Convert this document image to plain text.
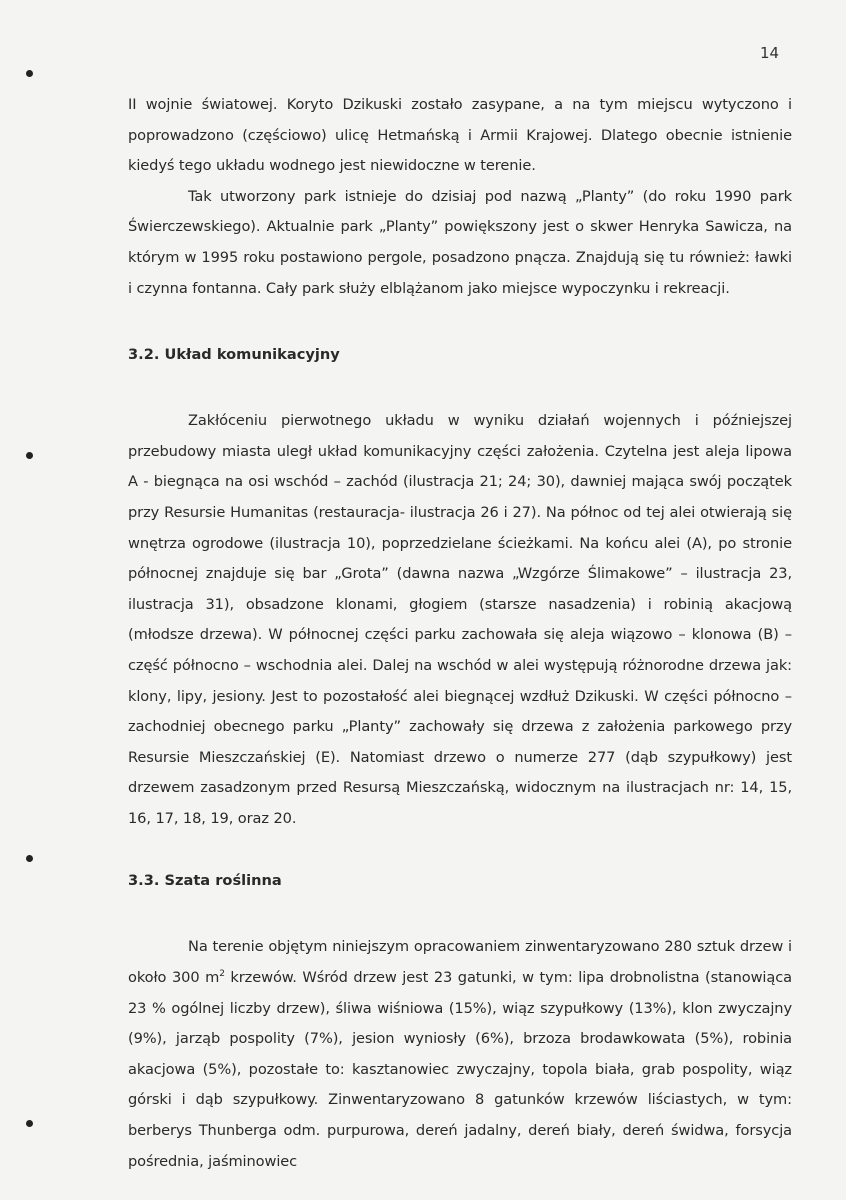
14

II wojnie światowej. Koryto Dzikuski zostało zasypane, a na tym miejscu wytyczono i poprowadzono (częściowo) ulicę Hetmańską i Armii Krajowej. Dlatego obecnie istnienie kiedyś tego układu wodnego jest niewidoczne w terenie.

Tak utworzony park istnieje do dzisiaj pod nazwą „Planty” (do roku 1990 park Świerczewskiego). Aktualnie park „Planty” powiększony jest o skwer Henryka Sawicza, na którym w 1995 roku postawiono pergole, posadzono pnącza. Znajdują się tu również: ławki i czynna fontanna. Cały park służy elblążanom jako miejsce wypoczynku i rekreacji.

3.2. Układ komunikacyjny

Zakłóceniu pierwotnego układu w wyniku działań wojennych i późniejszej przebudowy miasta uległ układ komunikacyjny części założenia. Czytelna jest aleja lipowa A - biegnąca na osi wschód – zachód (ilustracja 21; 24; 30), dawniej mająca swój początek przy Resursie Humanitas (restauracja- ilustracja 26 i 27). Na północ od tej alei otwierają się wnętrza ogrodowe (ilustracja 10), poprzedzielane ścieżkami. Na końcu alei (A), po stronie północnej znajduje się bar „Grota” (dawna nazwa „Wzgórze Ślimakowe” – ilustracja 23, ilustracja 31), obsadzone klonami, głogiem (starsze nasadzenia) i robinią akacjową (młodsze drzewa). W północnej części parku zachowała się aleja wiązowo – klonowa (B) – część północno – wschodnia alei. Dalej na wschód w alei występują różnorodne drzewa jak: klony, lipy, jesiony. Jest to pozostałość alei biegnącej wzdłuż Dzikuski. W części północno – zachodniej obecnego parku „Planty” zachowały się drzewa z założenia parkowego przy Resursie Mieszczańskiej (E). Natomiast drzewo o numerze 277 (dąb szypułkowy) jest drzewem zasadzonym przed Resursą Mieszczańską, widocznym na ilustracjach nr: 14, 15, 16, 17, 18, 19, oraz 20.

3.3. Szata roślinna

Na terenie objętym niniejszym opracowaniem zinwentaryzowano 280 sztuk drzew i około 300 $m^2$ krzewów. Wśród drzew jest 23 gatunki, w tym: lipa drobnolistna (stanowiąca 23 % ogólnej liczby drzew), śliwa wiśniowa (15%), wiąz szypułkowy (13%), klon zwyczajny (9%), jarząb pospolity (7%), jesion wyniosły (6%), brzoza brodawkowata (5%), robinia akacjowa (5%), pozostałe to: kasztanowiec zwyczajny, topola biała, grab pospolity, wiąz górski i dąb szypułkowy. Zinwentaryzowano 8 gatunków krzewów liściastych, w tym: berberys Thunberga odm. purpurowa, dereń jadalny, dereń biały, dereń świdwa, forsycja pośrednia, jaśminowiec
